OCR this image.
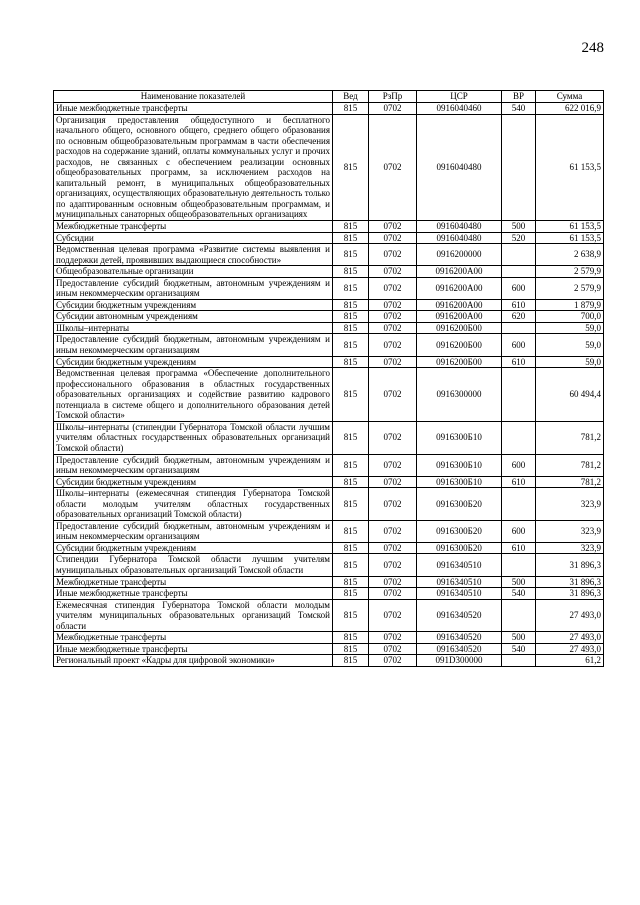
248
Наименование показателей	Вед	РзПр	ЦСР	ВР	Сумма
Иные межбюджетные трансферты	815	0702	0916040460	540	622 016,9
Организация предоставления общедоступного и бесплатного начального общего, основного общего, среднего общего образования по основным общеобразовательным программам в части обеспечения расходов на содержание зданий, оплаты коммунальных услуг и прочих расходов, не связанных с обеспечением реализации основных общеобразовательных программ, за исключением расходов на капитальный ремонт, в муниципальных общеобразовательных организациях, осуществляющих образовательную деятельность только по адаптированным основным общеобразовательным программам, и муниципальных санаторных общеобразовательных организациях	815	0702	0916040480		61 153,5
Межбюджетные трансферты	815	0702	0916040480	500	61 153,5
Субсидии	815	0702	0916040480	520	61 153,5
Ведомственная целевая программа «Развитие системы выявления и поддержки детей, проявивших выдающиеся способности»	815	0702	0916200000		2 638,9
Общеобразовательные организации	815	0702	0916200А00		2 579,9
Предоставление субсидий бюджетным, автономным учреждениям и иным некоммерческим организациям	815	0702	0916200А00	600	2 579,9
Субсидии бюджетным учреждениям	815	0702	0916200А00	610	1 879,9
Субсидии автономным учреждениям	815	0702	0916200А00	620	700,0
Школы–интернаты	815	0702	0916200Б00		59,0
Предоставление субсидий бюджетным, автономным учреждениям и иным некоммерческим организациям	815	0702	0916200Б00	600	59,0
Субсидии бюджетным учреждениям	815	0702	0916200Б00	610	59,0
Ведомственная целевая программа «Обеспечение дополнительного профессионального образования в областных государственных образовательных организациях и содействие развитию кадрового потенциала в системе общего и дополнительного образования детей Томской области»	815	0702	0916300000		60 494,4
Школы–интернаты (стипендии Губернатора Томской области лучшим учителям областных государственных образовательных организаций Томской области)	815	0702	0916300Б10		781,2
Предоставление субсидий бюджетным, автономным учреждениям и иным некоммерческим организациям	815	0702	0916300Б10	600	781,2
Субсидии бюджетным учреждениям	815	0702	0916300Б10	610	781,2
Школы–интернаты (ежемесячная стипендия Губернатора Томской области молодым учителям областных государственных образовательных организаций Томской области)	815	0702	0916300Б20		323,9
Предоставление субсидий бюджетным, автономным учреждениям и иным некоммерческим организациям	815	0702	0916300Б20	600	323,9
Субсидии бюджетным учреждениям	815	0702	0916300Б20	610	323,9
Стипендии Губернатора Томской области лучшим учителям муниципальных образовательных организаций Томской области	815	0702	0916340510		31 896,3
Межбюджетные трансферты	815	0702	0916340510	500	31 896,3
Иные межбюджетные трансферты	815	0702	0916340510	540	31 896,3
Ежемесячная стипендия Губернатора Томской области молодым учителям муниципальных образовательных организаций Томской области	815	0702	0916340520		27 493,0
Межбюджетные трансферты	815	0702	0916340520	500	27 493,0
Иные межбюджетные трансферты	815	0702	0916340520	540	27 493,0
Региональный проект «Кадры для цифровой экономики»	815	0702	091D300000		61,2
